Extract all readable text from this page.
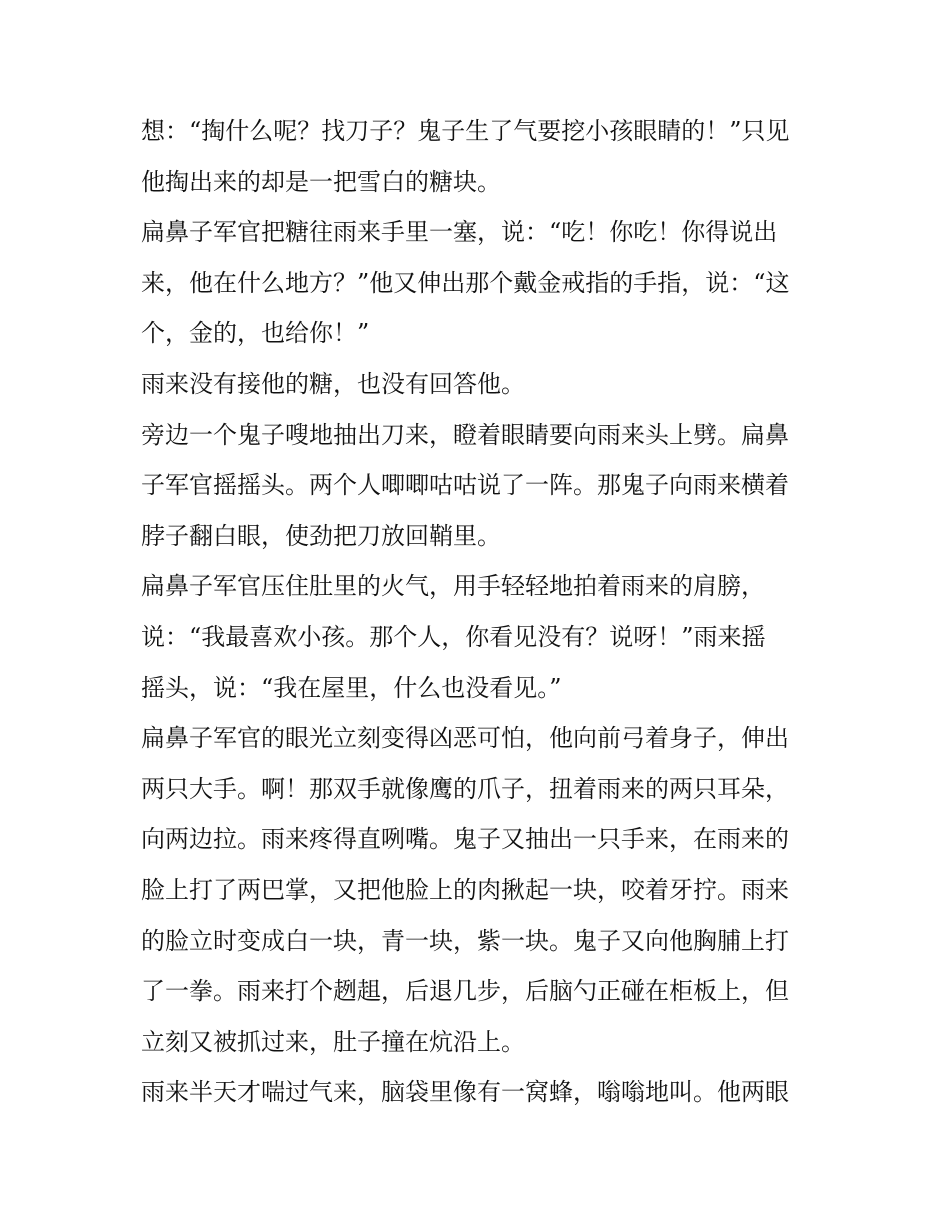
想：“掏什么呢？找刀子？鬼子生了气要挖小孩眼睛的！”只见
他掏出来的却是一把雪白的糖块。
扁鼻子军官把糖往雨来手里一塞，说：“吃！你吃！你得说出
来，他在什么地方？”他又伸出那个戴金戒指的手指，说：“这
个，金的，也给你！”
雨来没有接他的糖，也没有回答他。
旁边一个鬼子嗖地抽出刀来，瞪着眼睛要向雨来头上劈。扁鼻
子军官摇摇头。两个人唧唧咕咕说了一阵。那鬼子向雨来横着
脖子翻白眼，使劲把刀放回鞘里。
扁鼻子军官压住肚里的火气，用手轻轻地拍着雨来的肩膀，
说：“我最喜欢小孩。那个人，你看见没有？说呀！”雨来摇
摇头，说：“我在屋里，什么也没看见。”
扁鼻子军官的眼光立刻变得凶恶可怕，他向前弓着身子，伸出
两只大手。啊！那双手就像鹰的爪子，扭着雨来的两只耳朵，
向两边拉。雨来疼得直咧嘴。鬼子又抽出一只手来，在雨来的
脸上打了两巴掌，又把他脸上的肉揪起一块，咬着牙拧。雨来
的脸立时变成白一块，青一块，紫一块。鬼子又向他胸脯上打
了一拳。雨来打个趔趄，后退几步，后脑勺正碰在柜板上，但
立刻又被抓过来，肚子撞在炕沿上。
雨来半天才喘过气来，脑袋里像有一窝蜂，嗡嗡地叫。他两眼
